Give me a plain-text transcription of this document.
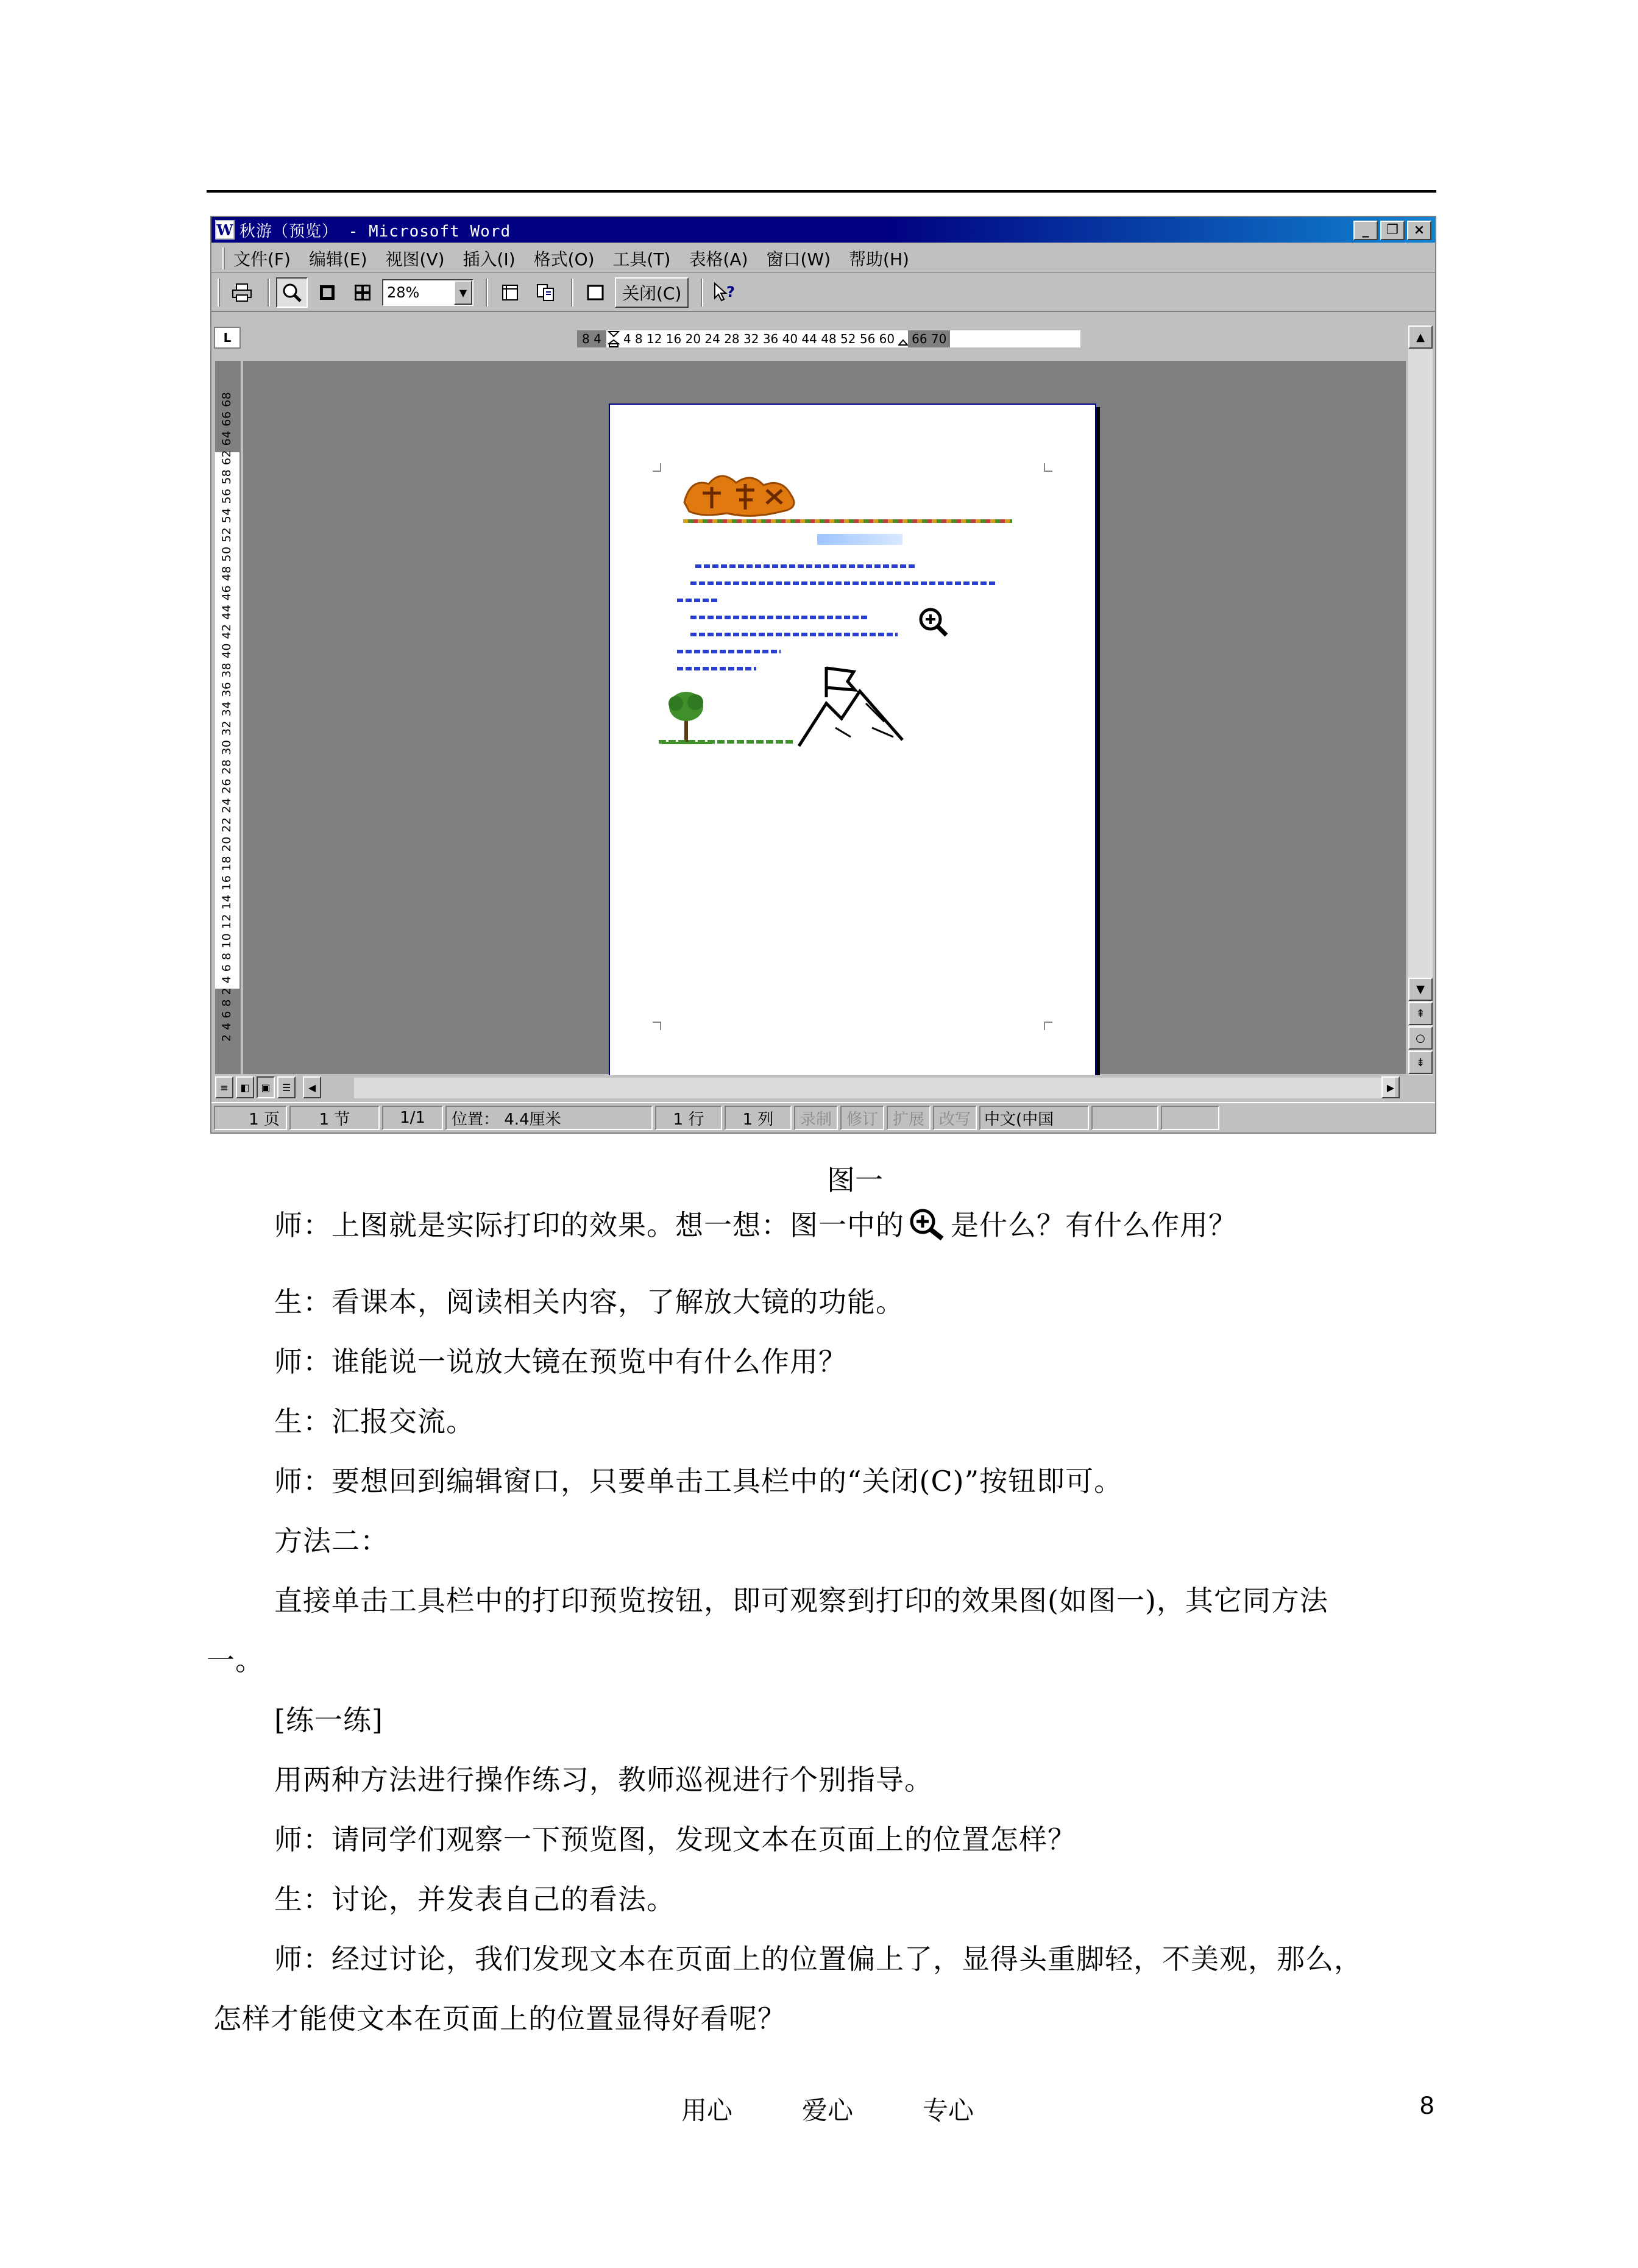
W 秋游（预览） - Microsoft Word	_	❐	×
文件(F) 编辑(E) 视图(V) 插入(I) 格式(O) 工具(T) 表格(A) 窗口(W) 帮助(H)
28%	▼	关闭(C)	?
L	8 4	4 8 12 16 20 24 28 32 36 40 44 48 52 56 60	66 70
2 4 6 8 2 4 6 8 10 12 14 16 18 20 22 24 26 28 30 32 34 36 38 40 42 44 46 48 50 52 54 56 58 62 64 66 68
▲
▼
⇞
○
⇟
≡	◧	▣	☰	◀	▶
1 页 1 节	1/1 位置： 4.4厘米	1 行 1 列 录制 修订 扩展 改写 中文(中国
图一
师：上图就是实际打印的效果。想一想：图一中的 是什么？有什么作用？
生：看课本，阅读相关内容，了解放大镜的功能。
师：谁能说一说放大镜在预览中有什么作用？
生：汇报交流。
师：要想回到编辑窗口，只要单击工具栏中的“关闭(C)”按钮即可。
方法二：
直接单击工具栏中的打印预览按钮，即可观察到打印的效果图(如图一)，其它同方法
一。
[练一练]
用两种方法进行操作练习，教师巡视进行个别指导。
师：请同学们观察一下预览图，发现文本在页面上的位置怎样？
生：讨论，并发表自己的看法。
师：经过讨论，我们发现文本在页面上的位置偏上了，显得头重脚轻，不美观，那么，
怎样才能使文本在页面上的位置显得好看呢？
用心	爱心	专心	8
